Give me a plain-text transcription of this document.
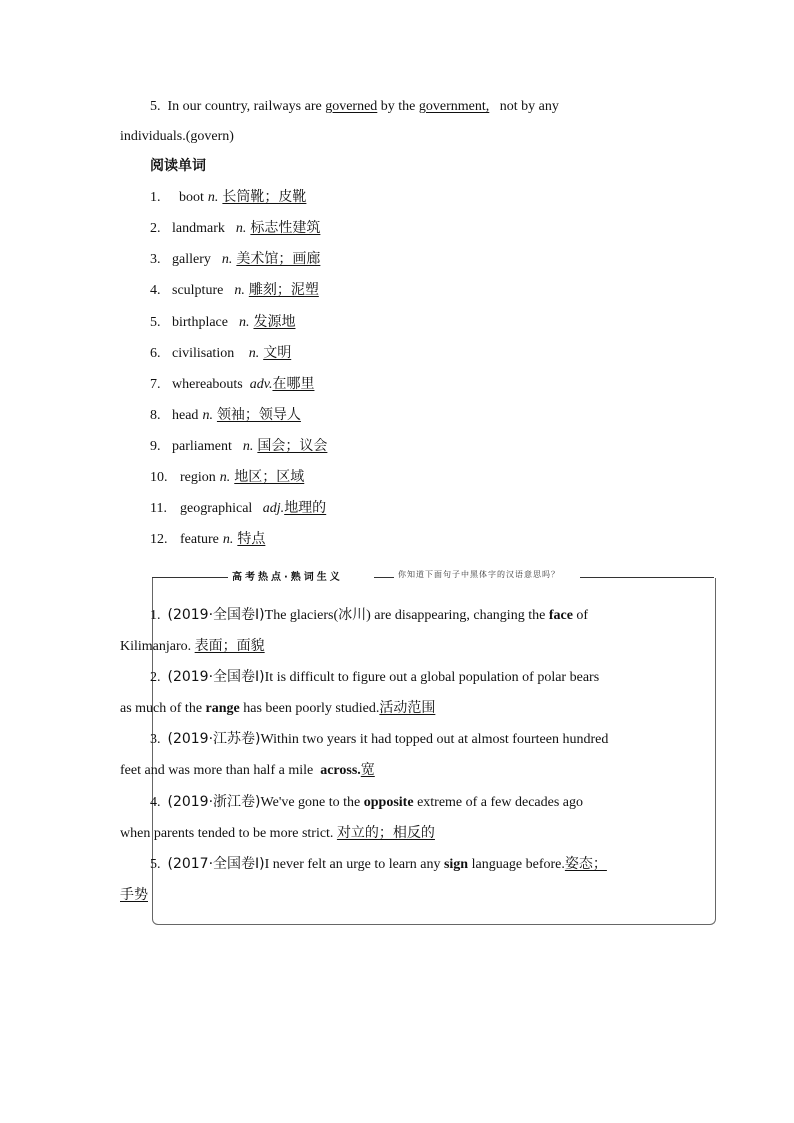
5. In our country, railways are governed by the government, not by any
individuals.(govern)
阅读单词
1. boot n. 长筒靴；皮靴
2. landmark n. 标志性建筑
3. gallery n. 美术馆；画廊
4. sculpture n. 雕刻；泥塑
5. birthplace n. 发源地
6. civilisation n. 文明
7. whereabouts adv.在哪里
8. head n. 领袖；领导人
9. parliament n. 国会；议会
10. region n. 地区；区域
11. geographical adj.地理的
12. feature n. 特点
高考热点·熟词生义	你知道下面句子中黑体字的汉语意思吗？
1. (2019·全国卷Ⅰ)The glaciers(冰川) are disappearing, changing the face of
Kilimanjaro. 表面；面貌
2. (2019·全国卷Ⅰ)It is difficult to figure out a global population of polar bears
as much of the range has been poorly studied.活动范围
3. (2019·江苏卷)Within two years it had topped out at almost fourteen hundred
feet and was more than half a mile across.宽
4. (2019·浙江卷)We've gone to the opposite extreme of a few decades ago
when parents tended to be more strict. 对立的；相反的
5. (2017·全国卷Ⅰ)I never felt an urge to learn any sign language before.姿态；
手势
